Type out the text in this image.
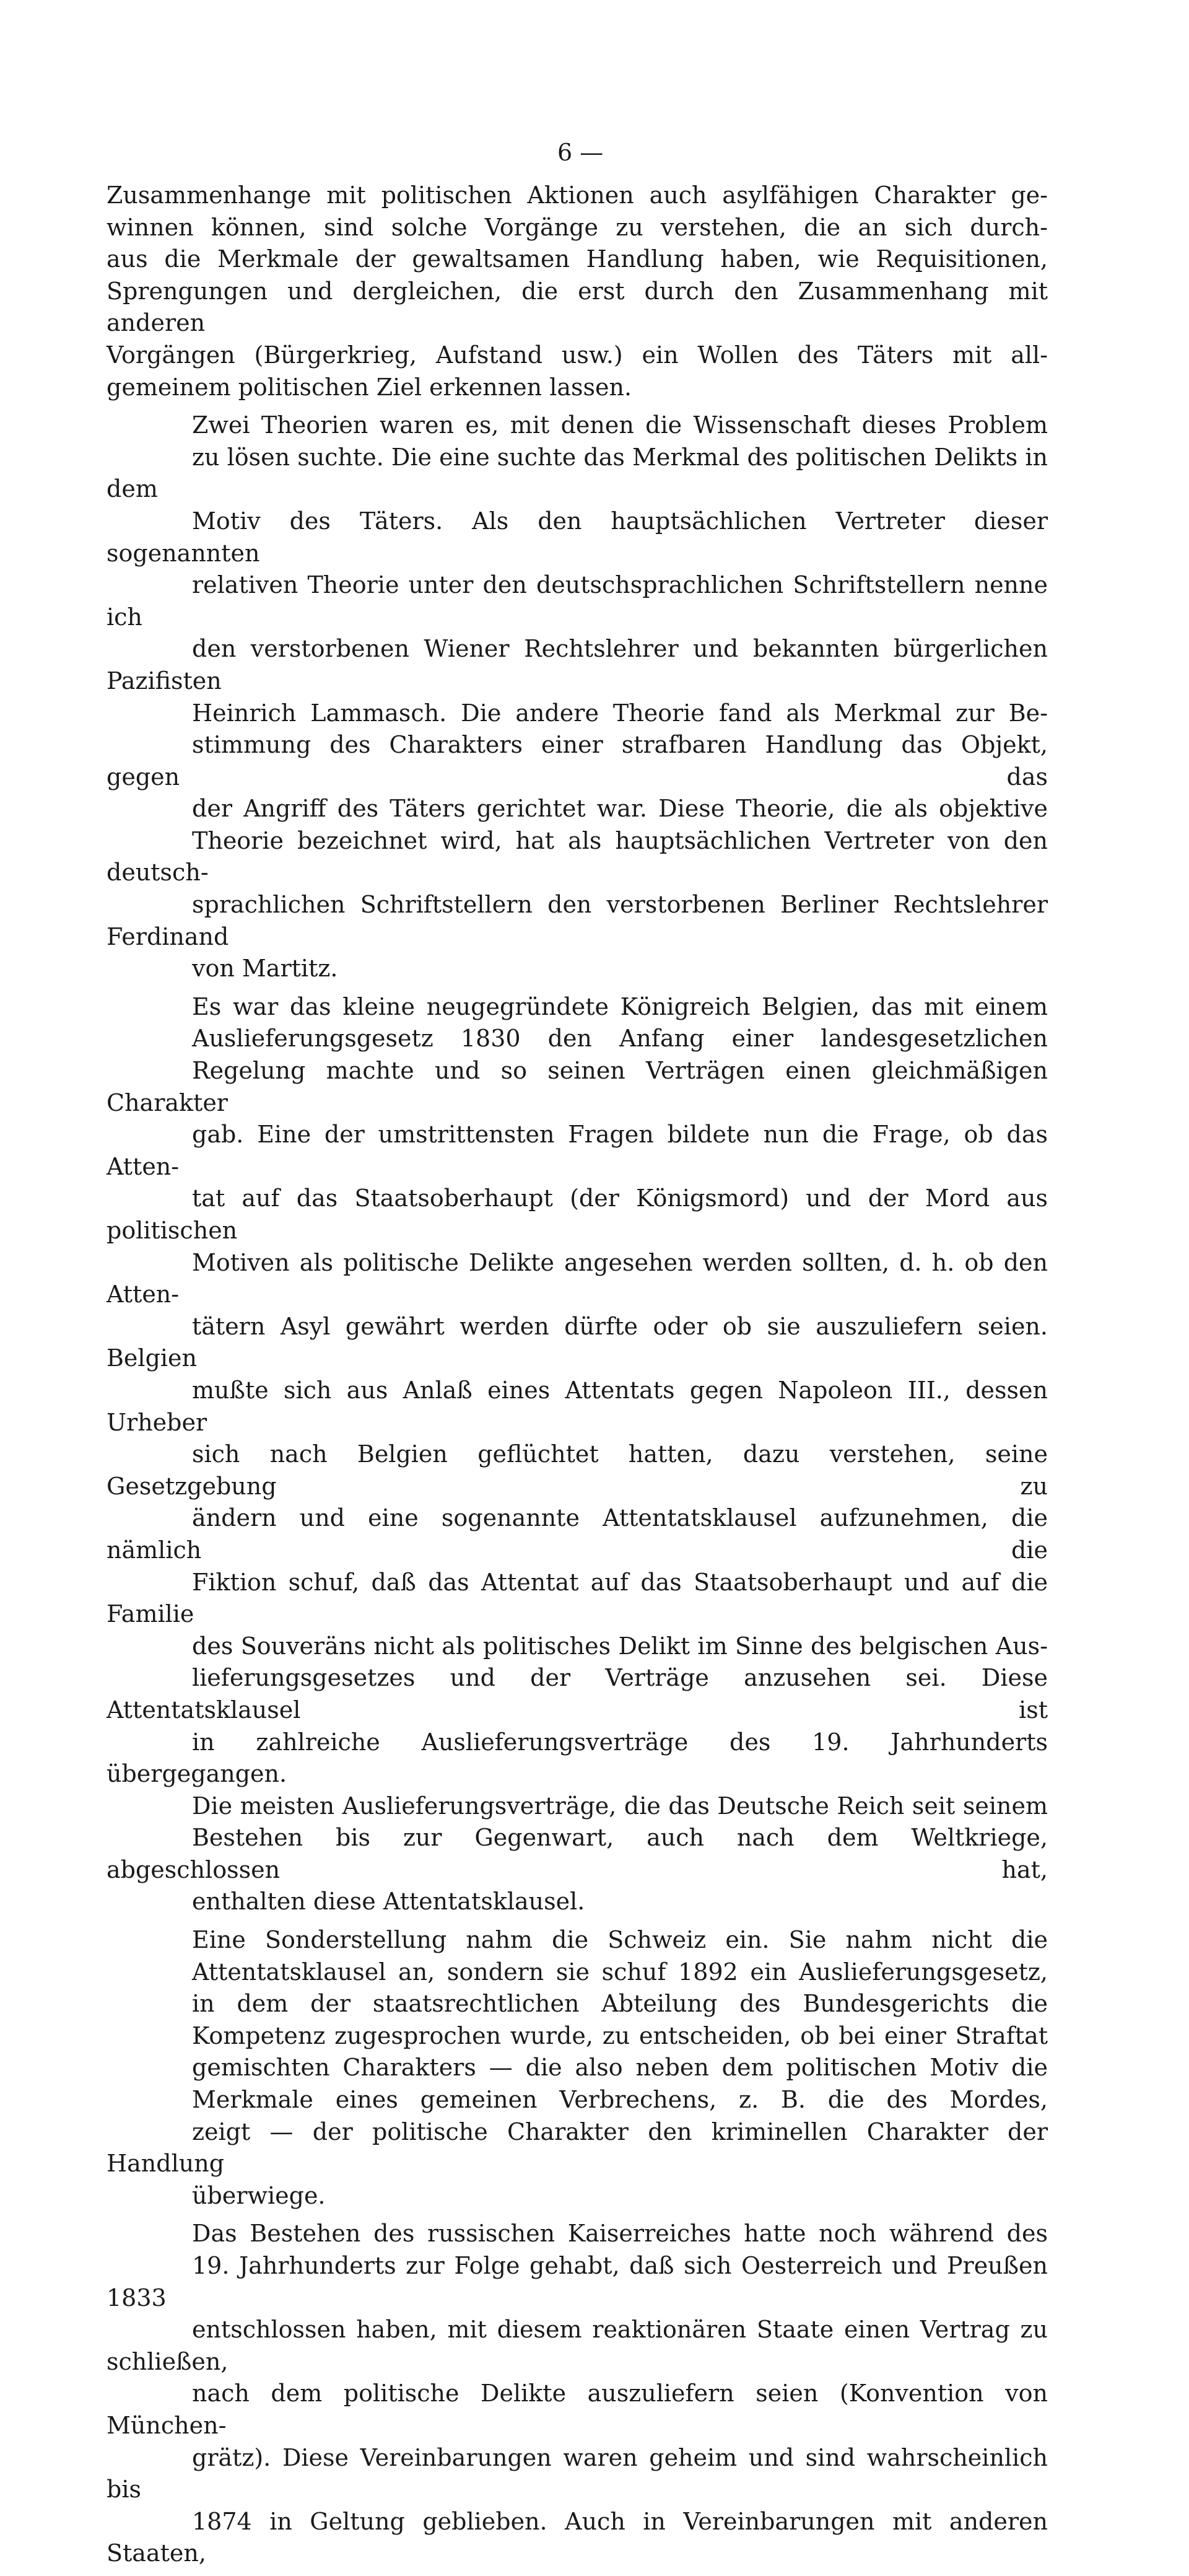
6 —
Zusammenhange mit politischen Aktionen auch asylfähigen Charakter ge-
winnen können, sind solche Vorgänge zu verstehen, die an sich durch-
aus die Merkmale der gewaltsamen Handlung haben, wie Requisitionen,
Sprengungen und dergleichen, die erst durch den Zusammenhang mit anderen
Vorgängen (Bürgerkrieg, Aufstand usw.) ein Wollen des Täters mit all-
gemeinem politischen Ziel erkennen lassen.
Zwei Theorien waren es, mit denen die Wissenschaft dieses Problem
zu lösen suchte. Die eine suchte das Merkmal des politischen Delikts in dem
Motiv des Täters. Als den hauptsächlichen Vertreter dieser sogenannten
relativen Theorie unter den deutschsprachlichen Schriftstellern nenne ich
den verstorbenen Wiener Rechtslehrer und bekannten bürgerlichen Pazifisten
Heinrich Lammasch. Die andere Theorie fand als Merkmal zur Be-
stimmung des Charakters einer strafbaren Handlung das Objekt, gegen das
der Angriff des Täters gerichtet war. Diese Theorie, die als objektive
Theorie bezeichnet wird, hat als hauptsächlichen Vertreter von den deutsch-
sprachlichen Schriftstellern den verstorbenen Berliner Rechtslehrer Ferdinand
von Martitz.
Es war das kleine neugegründete Königreich Belgien, das mit einem
Auslieferungsgesetz 1830 den Anfang einer landesgesetzlichen
Regelung machte und so seinen Verträgen einen gleichmäßigen Charakter
gab. Eine der umstrittensten Fragen bildete nun die Frage, ob das Atten-
tat auf das Staatsoberhaupt (der Königsmord) und der Mord aus politischen
Motiven als politische Delikte angesehen werden sollten, d. h. ob den Atten-
tätern Asyl gewährt werden dürfte oder ob sie auszuliefern seien. Belgien
mußte sich aus Anlaß eines Attentats gegen Napoleon III., dessen Urheber
sich nach Belgien geflüchtet hatten, dazu verstehen, seine Gesetzgebung zu
ändern und eine sogenannte Attentatsklausel aufzunehmen, die nämlich die
Fiktion schuf, daß das Attentat auf das Staatsoberhaupt und auf die Familie
des Souveräns nicht als politisches Delikt im Sinne des belgischen Aus-
lieferungsgesetzes und der Verträge anzusehen sei. Diese Attentatsklausel ist
in zahlreiche Auslieferungsverträge des 19. Jahrhunderts übergegangen.
Die meisten Auslieferungsverträge, die das Deutsche Reich seit seinem
Bestehen bis zur Gegenwart, auch nach dem Weltkriege, abgeschlossen hat,
enthalten diese Attentatsklausel.
Eine Sonderstellung nahm die Schweiz ein. Sie nahm nicht die
Attentatsklausel an, sondern sie schuf 1892 ein Auslieferungsgesetz,
in dem der staatsrechtlichen Abteilung des Bundesgerichts die
Kompetenz zugesprochen wurde, zu entscheiden, ob bei einer Straftat
gemischten Charakters — die also neben dem politischen Motiv die
Merkmale eines gemeinen Verbrechens, z. B. die des Mordes,
zeigt — der politische Charakter den kriminellen Charakter der Handlung
überwiege.
Das Bestehen des russischen Kaiserreiches hatte noch während des
19. Jahrhunderts zur Folge gehabt, daß sich Oesterreich und Preußen 1833
entschlossen haben, mit diesem reaktionären Staate einen Vertrag zu schließen,
nach dem politische Delikte auszuliefern seien (Konvention von München-
grätz). Diese Vereinbarungen waren geheim und sind wahrscheinlich bis
1874 in Geltung geblieben. Auch in Vereinbarungen mit anderen Staaten,
